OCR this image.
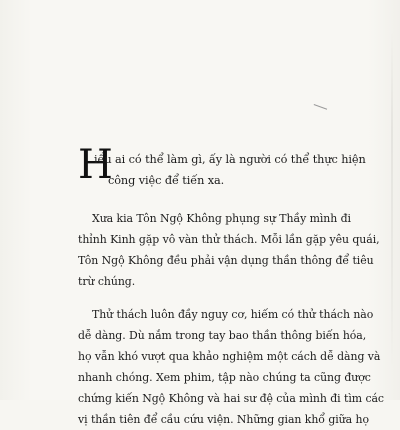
H
iểu ai có thể làm gì, ấy là người có thể thực hiện
công việc để tiến xa.

Xưa kia Tôn Ngộ Không phụng sự Thầy mình đi
thỉnh Kinh gặp vô vàn thử thách. Mỗi lần gặp yêu quái,
Tôn Ngộ Không đều phải vận dụng thần thông để tiêu
trừ chúng.

Thử thách luôn đầy nguy cơ, hiếm có thử thách nào
dễ dàng. Dù nắm trong tay bao thần thông biến hóa,
họ vẫn khó vượt qua khảo nghiệm một cách dễ dàng và
nhanh chóng. Xem phim, tập nào chúng ta cũng được
chứng kiến Ngộ Không và hai sư đệ của mình đi tìm các
vị thần tiên để cầu cứu viện. Những gian khổ giữa họ
